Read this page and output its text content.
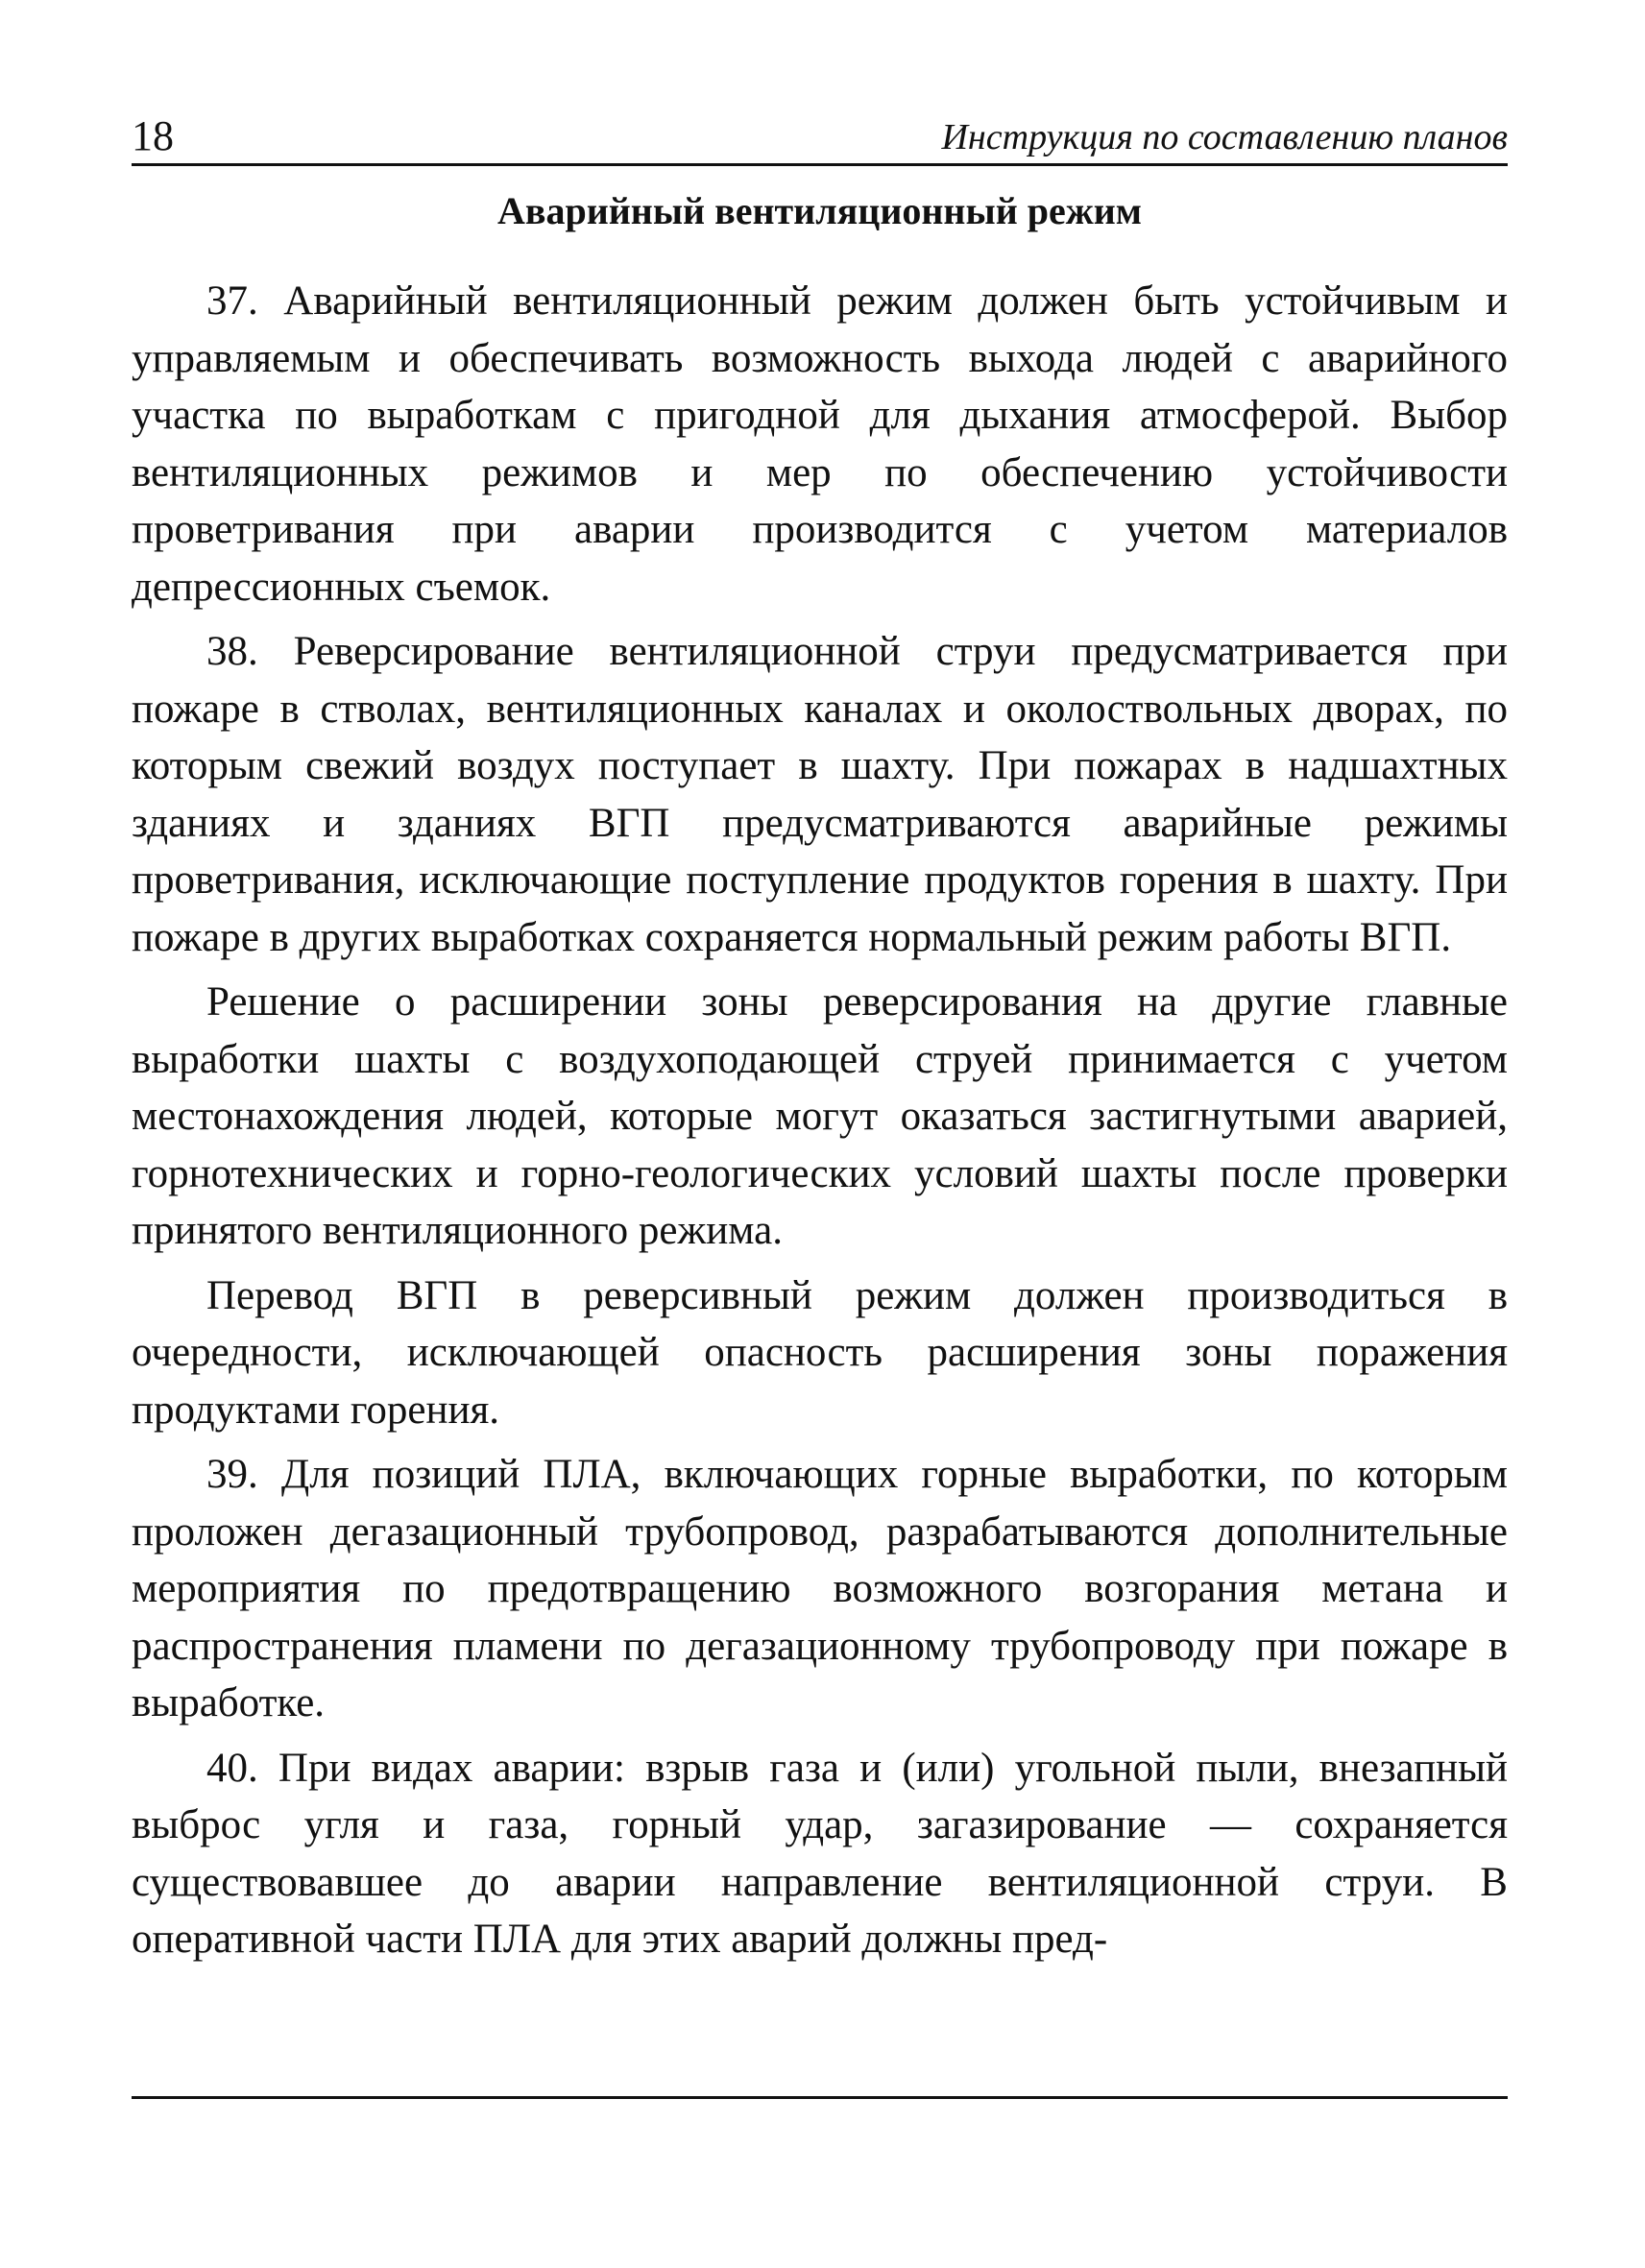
18	Инструкция по составлению планов
Аварийный вентиляционный режим

37. Аварийный вентиляционный режим должен быть устойчивым и управляемым и обеспечивать возможность выхода людей с аварийного участка по выработкам с пригодной для дыхания атмосферой. Выбор вентиляционных режимов и мер по обеспечению устойчивости проветривания при аварии производится с учетом материалов депрессионных съемок.

38. Реверсирование вентиляционной струи предусматривается при пожаре в стволах, вентиляционных каналах и околоствольных дворах, по которым свежий воздух поступает в шахту. При пожарах в надшахтных зданиях и зданиях ВГП предусматриваются аварийные режимы проветривания, исключающие поступление продуктов горения в шахту. При пожаре в других выработках сохраняется нормальный режим работы ВГП.

Решение о расширении зоны реверсирования на другие главные выработки шахты с воздухоподающей струей принимается с учетом местонахождения людей, которые могут оказаться застигнутыми аварией, горнотехнических и горно-геологических условий шахты после проверки принятого вентиляционного режима.

Перевод ВГП в реверсивный режим должен производиться в очередности, исключающей опасность расширения зоны поражения продуктами горения.

39. Для позиций ПЛА, включающих горные выработки, по которым проложен дегазационный трубопровод, разрабатываются дополнительные мероприятия по предотвращению возможного возгорания метана и распространения пламени по дегазационному трубопроводу при пожаре в выработке.

40. При видах аварии: взрыв газа и (или) угольной пыли, внезапный выброс угля и газа, горный удар, загазирование — сохраняется существовавшее до аварии направление вентиляционной струи. В оперативной части ПЛА для этих аварий должны пред-
